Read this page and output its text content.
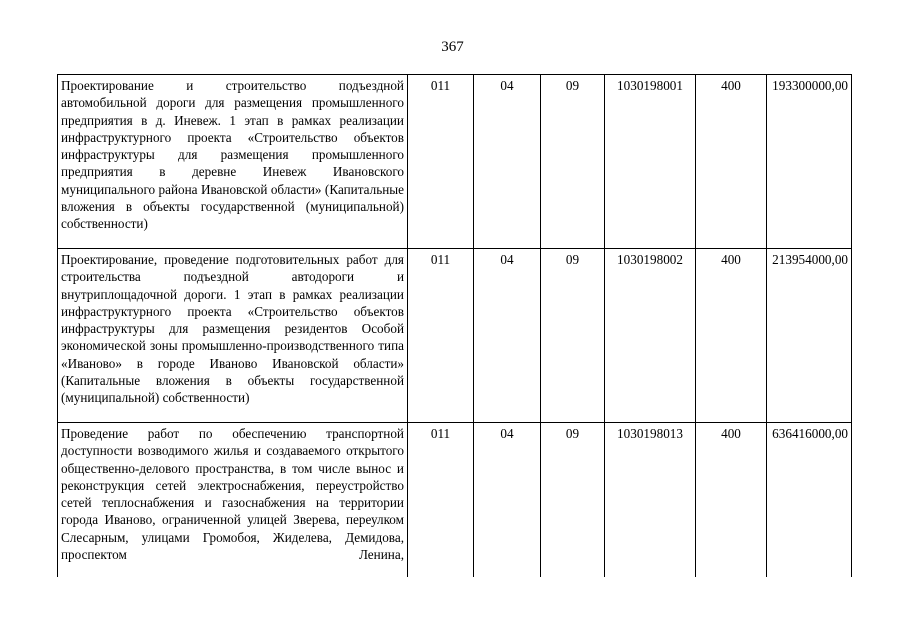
367
Проектирование и строительство подъездной автомобильной дороги для размещения промышленного предприятия в д. Иневеж. 1 этап в рамках реализации инфраструктурного проекта «Строительство объектов инфраструктуры для размещения промышленного предприятия в деревне Иневеж Ивановского муниципального района Ивановской области» (Капитальные вложения в объекты государственной (муниципальной)
собственности)	011	04	09	1030198001	400	193300000,00
Проектирование, проведение подготовительных работ для строительства подъездной автодороги и внутриплощадочной дороги. 1 этап в рамках реализации инфраструктурного проекта «Строительство объектов инфраструктуры для размещения резидентов Особой экономической зоны промышленно-производственного типа «Иваново» в городе Иваново Ивановской области» (Капитальные вложения в объекты государственной
(муниципальной) собственности)	011	04	09	1030198002	400	213954000,00
Проведение работ по обеспечению транспортной доступности возводимого жилья и создаваемого открытого общественно-делового пространства, в том числе вынос и реконструкция сетей электроснабжения, переустройство сетей теплоснабжения и газоснабжения на территории города Иваново, ограниченной улицей Зверева, переулком Слесарным, улицами Громобоя, Жиделева, Демидова, проспектом Ленина,	011	04	09	1030198013	400	636416000,00
